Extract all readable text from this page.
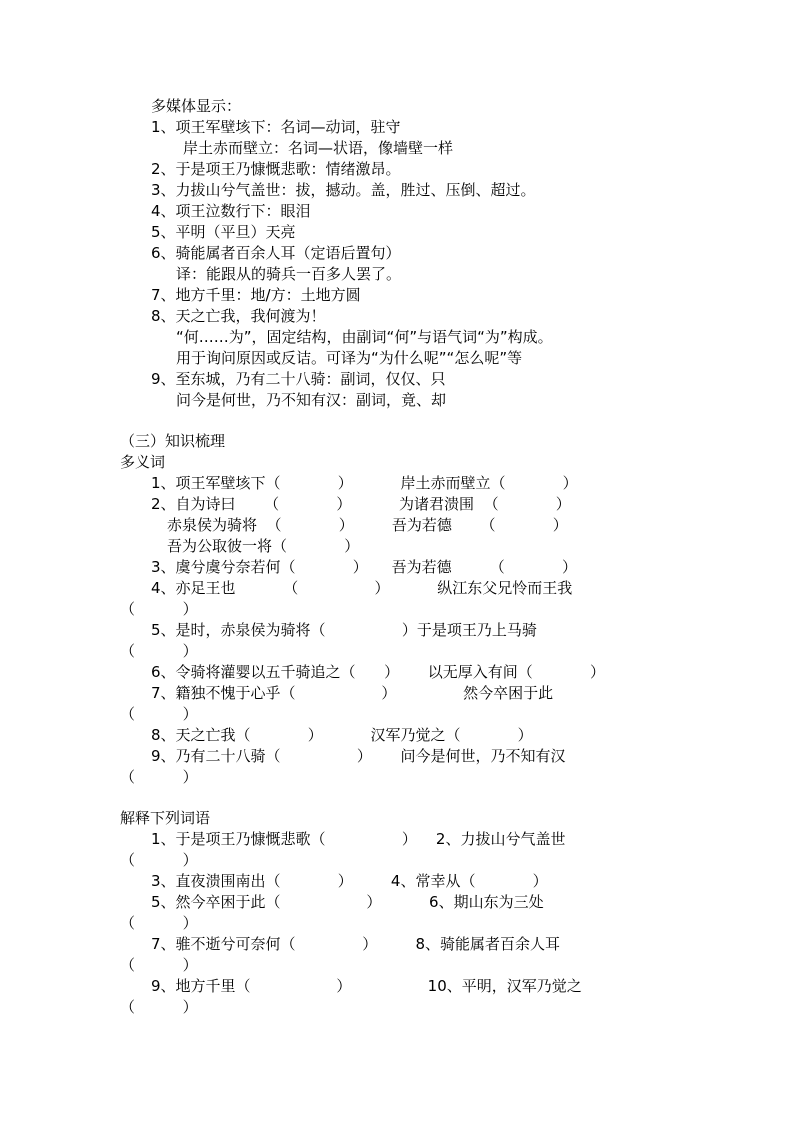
多媒体显示：
1、项王军壁垓下：名词—动词，驻守
岸土赤而壁立：名词—状语，像墙壁一样
2、于是项王乃慷慨悲歌：情绪激昂。
3、力拔山兮气盖世：拔，撼动。盖，胜过、压倒、超过。
4、项王泣数行下：眼泪
5、平明（平旦）天亮
6、骑能属者百余人耳（定语后置句）
译：能跟从的骑兵一百多人罢了。
7、地方千里：地/方：土地方圆
8、天之亡我，我何渡为！
“何……为”，固定结构，由副词“何”与语气词“为”构成。
用于询问原因或反诘。可译为“为什么呢”“怎么呢”等
9、至东城，乃有二十八骑：副词，仅仅、只
问今是何世，乃不知有汉：副词，竟、却
（三）知识梳理
多义词
1、项王军壁垓下（            ）          岸土赤而壁立（            ）
2、自为诗曰      （            ）          为诸君溃围  （            ）
赤泉侯为骑将  （            ）        吾为若德      （            ）
吾为公取彼一将（            ）
3、虞兮虞兮奈若何（            ）     吾为若德        （            ）
4、亦足王也          （                ）          纵江东父兄怜而王我
（          ）
5、是时，赤泉侯为骑将（                ）于是项王乃上马骑
（          ）
6、令骑将灌婴以五千骑追之（      ）      以无厚入有间（            ）
7、籍独不愧于心乎（                  ）              然今卒困于此
（          ）
8、天之亡我（            ）          汉军乃觉之（            ）
9、乃有二十八骑（                ）      问今是何世，乃不知有汉
（          ）
解释下列词语
1、于是项王乃慷慨悲歌（                ）    2、力拔山兮气盖世
（          ）
3、直夜溃围南出（            ）        4、常幸从（            ）
5、然今卒困于此（                  ）          6、期山东为三处
（          ）
7、骓不逝兮可奈何（              ）        8、骑能属者百余人耳
（          ）
9、地方千里（                  ）                10、平明，汉军乃觉之
（          ）
